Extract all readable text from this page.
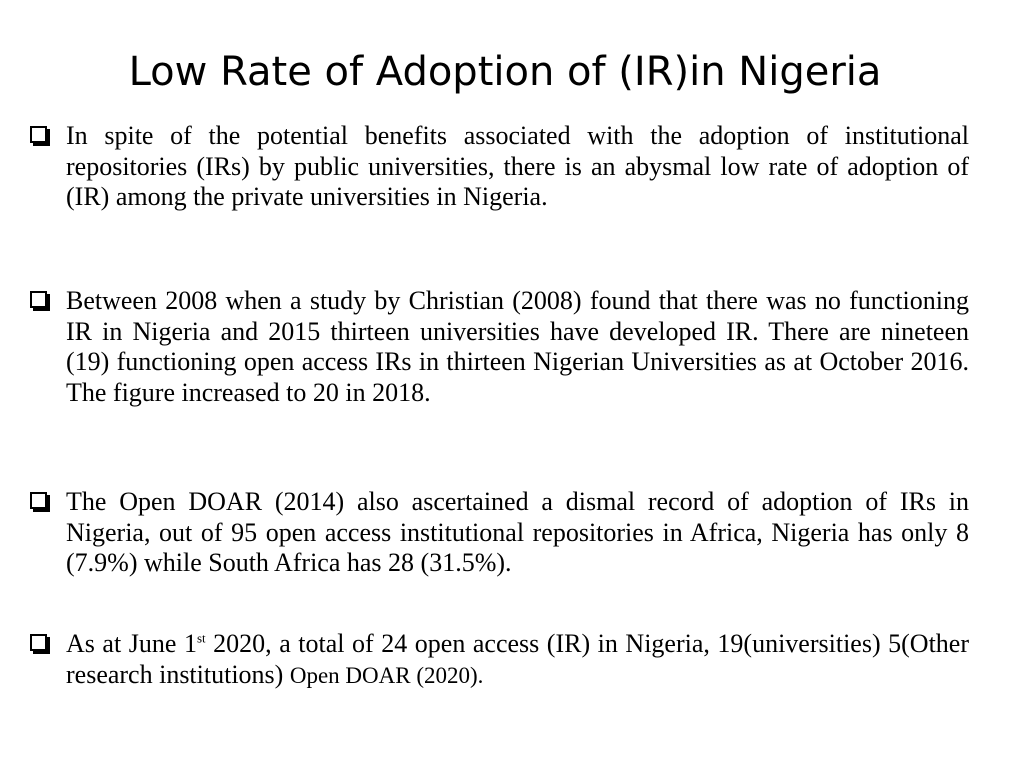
Low Rate of Adoption of (IR)in Nigeria

In spite of the potential benefits associated with the adoption of institutional repositories (IRs) by public universities, there is an abysmal low rate of adoption of (IR) among the private universities in Nigeria.

Between 2008 when a study by Christian (2008) found that there was no functioning IR in Nigeria and 2015 thirteen universities have developed IR. There are nineteen (19) functioning open access IRs in thirteen Nigerian Universities as at October 2016. The figure increased to 20 in 2018.

The Open DOAR (2014) also ascertained a dismal record of adoption of IRs in Nigeria, out of 95 open access institutional repositories in Africa, Nigeria has only 8 (7.9%) while South Africa has 28 (31.5%).

As at June 1st 2020, a total of 24 open access (IR) in Nigeria, 19(universities) 5(Other research institutions) Open DOAR (2020).
